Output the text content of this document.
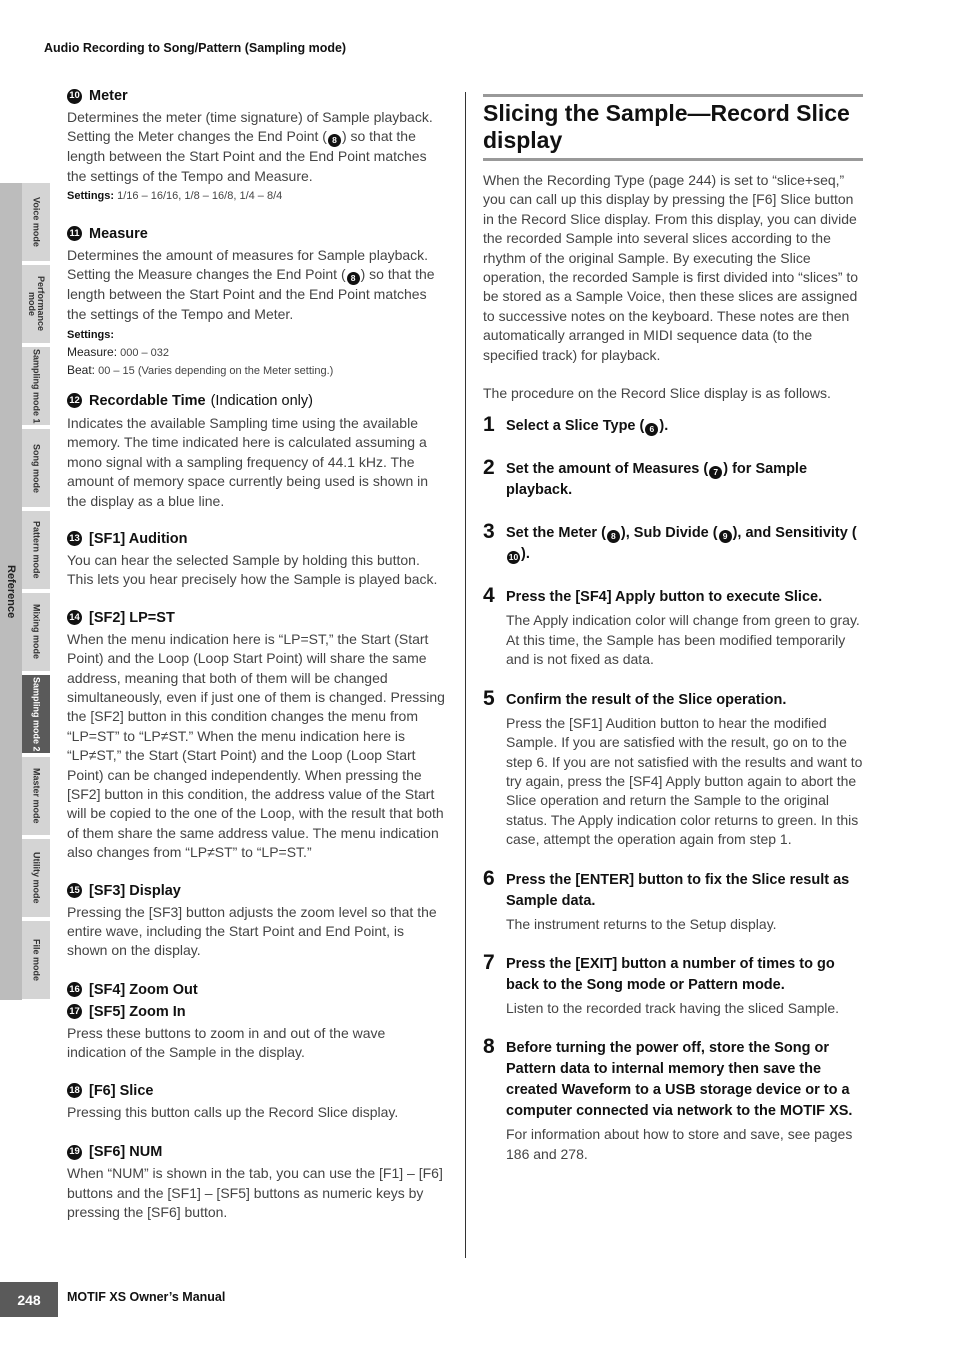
Audio Recording to Song/Pattern (Sampling mode)
Reference
Voice mode
Performance mode
Sampling mode 1
Song mode
Pattern mode
Mixing mode
Sampling mode 2
Master mode
Utility mode
File mode

10 Meter

Determines the meter (time signature) of Sample playback. Setting the Meter changes the End Point ( 8 ) so that the length between the Start Point and the End Point matches the settings of the Tempo and Measure.

Settings: 1/16 – 16/16, 1/8 – 16/8, 1/4 – 8/4

11 Measure

Determines the amount of measures for Sample playback. Setting the Measure changes the End Point ( 8 ) so that the length between the Start Point and the End Point matches the settings of the Tempo and Meter.

Settings:

Measure: 000 – 032

Beat: 00 – 15 (Varies depending on the Meter setting.)

12 Recordable Time (Indication only)

Indicates the available Sampling time using the available memory. The time indicated here is calculated assuming a mono signal with a sampling frequency of 44.1 kHz. The amount of memory space currently being used is shown in the display as a blue line.

13 [SF1] Audition

You can hear the selected Sample by holding this button. This lets you hear precisely how the Sample is played back.

14 [SF2] LP=ST

When the menu indication here is “LP=ST,” the Start (Start Point) and the Loop (Loop Start Point) will share the same address, meaning that both of them will be changed simultaneously, even if just one of them is changed. Pressing the [SF2] button in this condition changes the menu from “LP=ST” to “LP≠ST.” When the menu indication here is “LP≠ST,” the Start (Start Point) and the Loop (Loop Start Point) can be changed independently. When pressing the [SF2] button in this condition, the address value of the Start will be copied to the one of the Loop, with the result that both of them share the same address value. The menu indication also changes from “LP≠ST” to “LP=ST.”

15 [SF3] Display

Pressing the [SF3] button adjusts the zoom level so that the entire wave, including the Start Point and End Point, is shown on the display.

16 [SF4] Zoom Out

17 [SF5] Zoom In

Press these buttons to zoom in and out of the wave indication of the Sample in the display.

18 [F6] Slice

Pressing this button calls up the Record Slice display.

19 [SF6] NUM

When “NUM” is shown in the tab, you can use the [F1] – [F6] buttons and the [SF1] – [SF5] buttons as numeric keys by pressing the [SF6] button.

Slicing the Sample—Record Slice display

When the Recording Type (page 244) is set to “slice+seq,” you can call up this display by pressing the [F6] Slice button in the Record Slice display. From this display, you can divide the recorded Sample into several slices according to the rhythm of the original Sample. By executing the Slice operation, the recorded Sample is first divided into “slices” to be stored as a Sample Voice, then these slices are assigned to successive notes on the keyboard. These notes are then automatically arranged in MIDI sequence data (to the specified track) for playback.

The procedure on the Record Slice display is as follows.

1 Select a Slice Type ( 6 ).

2 Set the amount of Measures ( 7 ) for Sample playback.

3 Set the Meter ( 8 ), Sub Divide ( 9 ), and Sensitivity (10 ).

4 Press the [SF4] Apply button to execute Slice.

The Apply indication color will change from green to gray. At this time, the Sample has been modified temporarily and is not fixed as data.

5 Confirm the result of the Slice operation.

Press the [SF1] Audition button to hear the modified Sample. If you are satisfied with the result, go on to the step 6. If you are not satisfied with the results and want to try again, press the [SF4] Apply button again to abort the Slice operation and return the Sample to the original status. The Apply indication color returns to green. In this case, attempt the operation again from step 1.

6 Press the [ENTER] button to fix the Slice result as Sample data.

The instrument returns to the Setup display.

7 Press the [EXIT] button a number of times to go back to the Song mode or Pattern mode.

Listen to the recorded track having the sliced Sample.

8 Before turning the power off, store the Song or Pattern data to internal memory then save the created Waveform to a USB storage device or to a computer connected via network to the MOTIF XS.

For information about how to store and save, see pages 186 and 278.

248	MOTIF XS Owner’s Manual
